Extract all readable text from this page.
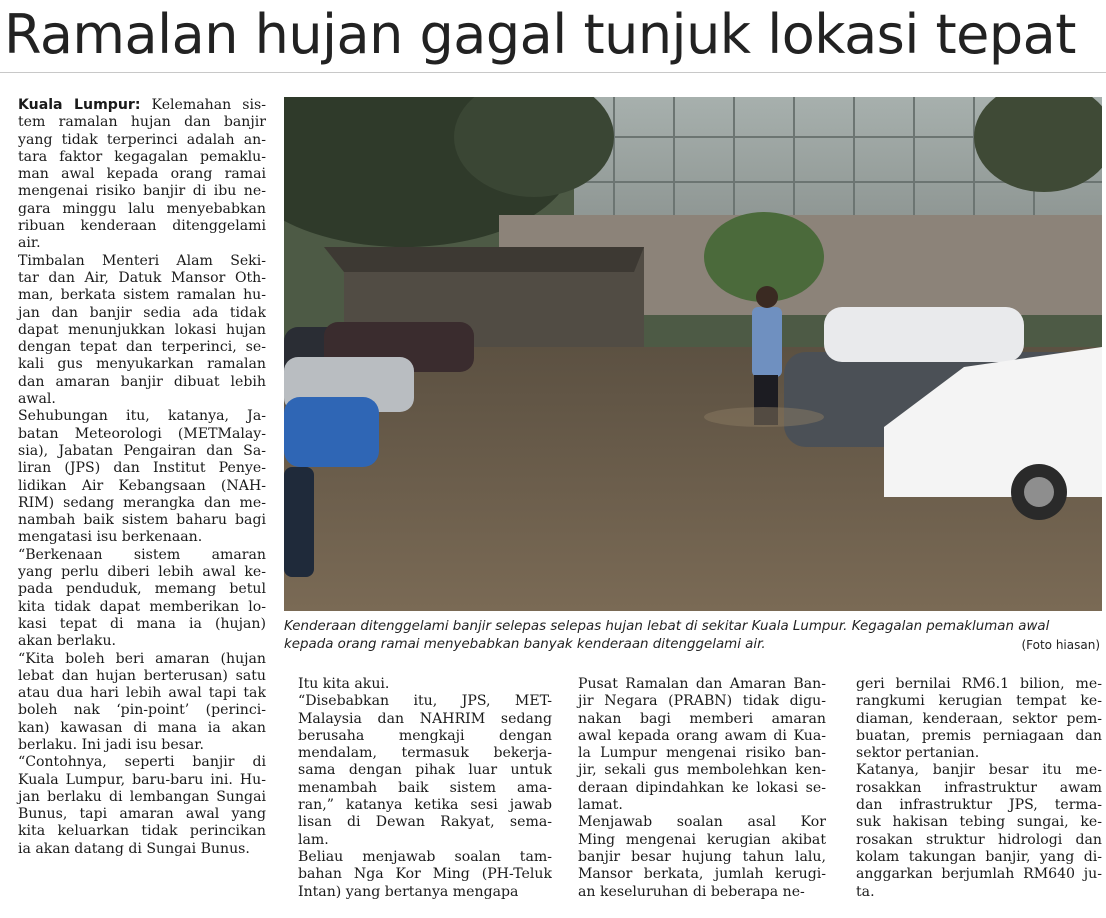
Ramalan hujan gagal tunjuk lokasi tepat
Kenderaan ditenggelami banjir selepas selepas hujan lebat di sekitar Kuala Lumpur. Kegagalan pemakluman awal
kepada orang ramai menyebabkan banyak kenderaan ditenggelami air.	(Foto hiasan)
Kuala Lumpur: Kelemahan sis-
tem ramalan hujan dan banjir
yang tidak terperinci adalah an-
tara faktor kegagalan pemaklu-
man awal kepada orang ramai
mengenai risiko banjir di ibu ne-
gara minggu lalu menyebabkan
ribuan kenderaan ditenggelami
air.
Timbalan Menteri Alam Seki-
tar dan Air, Datuk Mansor Oth-
man, berkata sistem ramalan hu-
jan dan banjir sedia ada tidak
dapat menunjukkan lokasi hujan
dengan tepat dan terperinci, se-
kali gus menyukarkan ramalan
dan amaran banjir dibuat lebih
awal.
Sehubungan itu, katanya, Ja-
batan Meteorologi (METMalay-
sia), Jabatan Pengairan dan Sa-
liran (JPS) dan Institut Penye-
lidikan Air Kebangsaan (NAH-
RIM) sedang merangka dan me-
nambah baik sistem baharu bagi
mengatasi isu berkenaan.
“Berkenaan sistem amaran
yang perlu diberi lebih awal ke-
pada penduduk, memang betul
kita tidak dapat memberikan lo-
kasi tepat di mana ia (hujan)
akan berlaku.
“Kita boleh beri amaran (hujan
lebat dan hujan berterusan) satu
atau dua hari lebih awal tapi tak
boleh nak ‘pin-point’ (perinci-
kan) kawasan di mana ia akan
berlaku. Ini jadi isu besar.
“Contohnya, seperti banjir di
Kuala Lumpur, baru-baru ini. Hu-
jan berlaku di lembangan Sungai
Bunus, tapi amaran awal yang
kita keluarkan tidak perincikan
ia akan datang di Sungai Bunus.
Itu kita akui.
“Disebabkan itu, JPS, MET-
Malaysia dan NAHRIM sedang
berusaha mengkaji dengan
mendalam, termasuk bekerja-
sama dengan pihak luar untuk
menambah baik sistem ama-
ran,” katanya ketika sesi jawab
lisan di Dewan Rakyat, sema-
lam.
Beliau menjawab soalan tam-
bahan Nga Kor Ming (PH-Teluk
Intan) yang bertanya mengapa
Pusat Ramalan dan Amaran Ban-
jir Negara (PRABN) tidak digu-
nakan bagi memberi amaran
awal kepada orang awam di Kua-
la Lumpur mengenai risiko ban-
jir, sekali gus membolehkan ken-
deraan dipindahkan ke lokasi se-
lamat.
Menjawab soalan asal Kor
Ming mengenai kerugian akibat
banjir besar hujung tahun lalu,
Mansor berkata, jumlah kerugi-
an keseluruhan di beberapa ne-
geri bernilai RM6.1 bilion, me-
rangkumi kerugian tempat ke-
diaman, kenderaan, sektor pem-
buatan, premis perniagaan dan
sektor pertanian.
Katanya, banjir besar itu me-
rosakkan infrastruktur awam
dan infrastruktur JPS, terma-
suk hakisan tebing sungai, ke-
rosakan struktur hidrologi dan
kolam takungan banjir, yang di-
anggarkan berjumlah RM640 ju-
ta.
